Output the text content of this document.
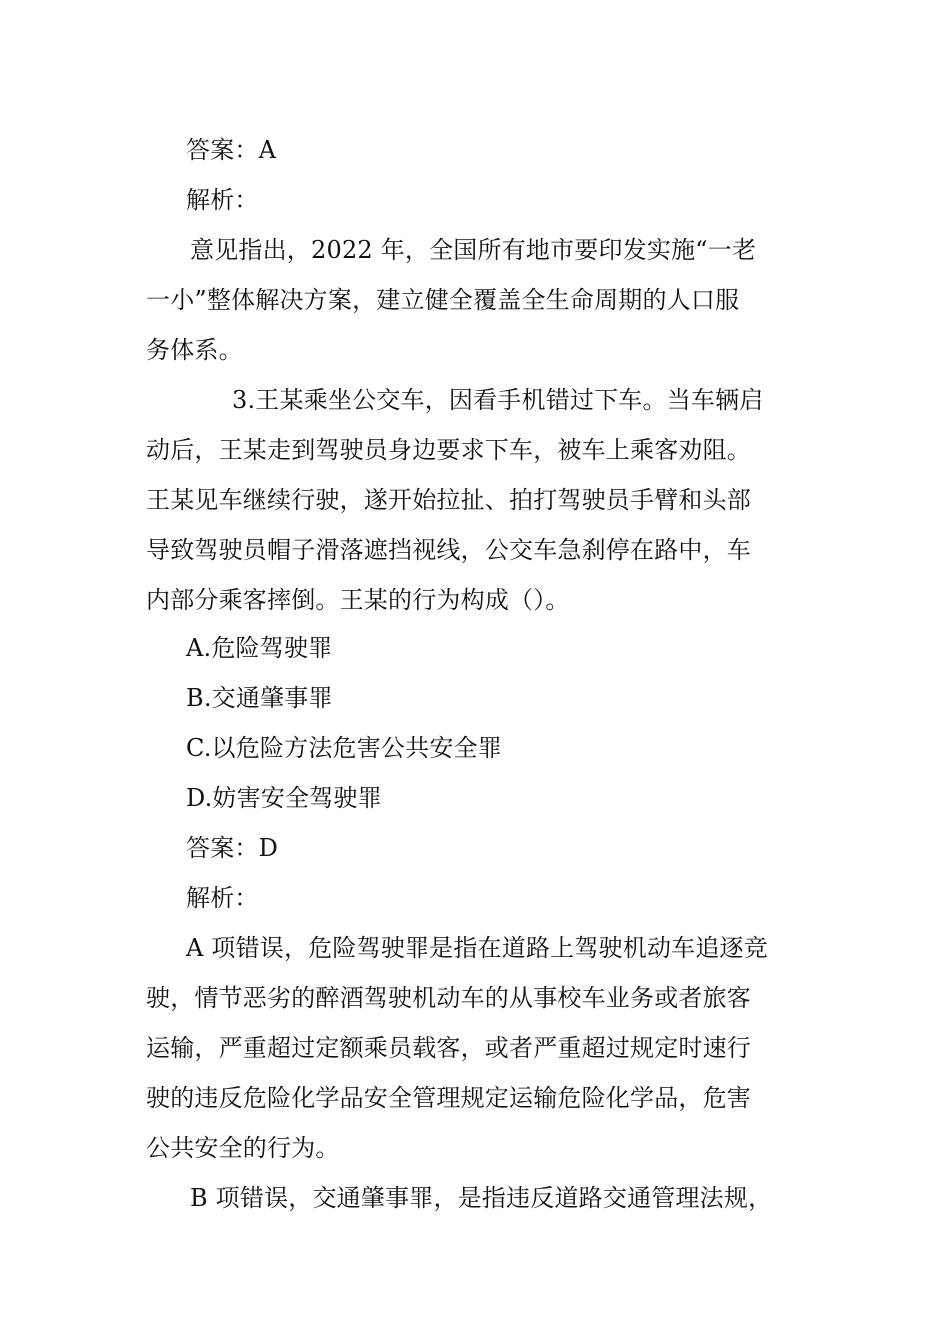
答案：A
解析：
意见指出，2022 年，全国所有地市要印发实施“一老
一小”整体解决方案，建立健全覆盖全生命周期的人口服
务体系。
3.王某乘坐公交车，因看手机错过下车。当车辆启
动后，王某走到驾驶员身边要求下车，被车上乘客劝阻。
王某见车继续行驶，遂开始拉扯、拍打驾驶员手臂和头部
导致驾驶员帽子滑落遮挡视线，公交车急刹停在路中，车
内部分乘客摔倒。王某的行为构成（）。
A.危险驾驶罪
B.交通肇事罪
C.以危险方法危害公共安全罪
D.妨害安全驾驶罪
答案：D
解析：
A 项错误，危险驾驶罪是指在道路上驾驶机动车追逐竞
驶，情节恶劣的醉酒驾驶机动车的从事校车业务或者旅客
运输，严重超过定额乘员载客，或者严重超过规定时速行
驶的违反危险化学品安全管理规定运输危险化学品，危害
公共安全的行为。
B 项错误，交通肇事罪，是指违反道路交通管理法规，
